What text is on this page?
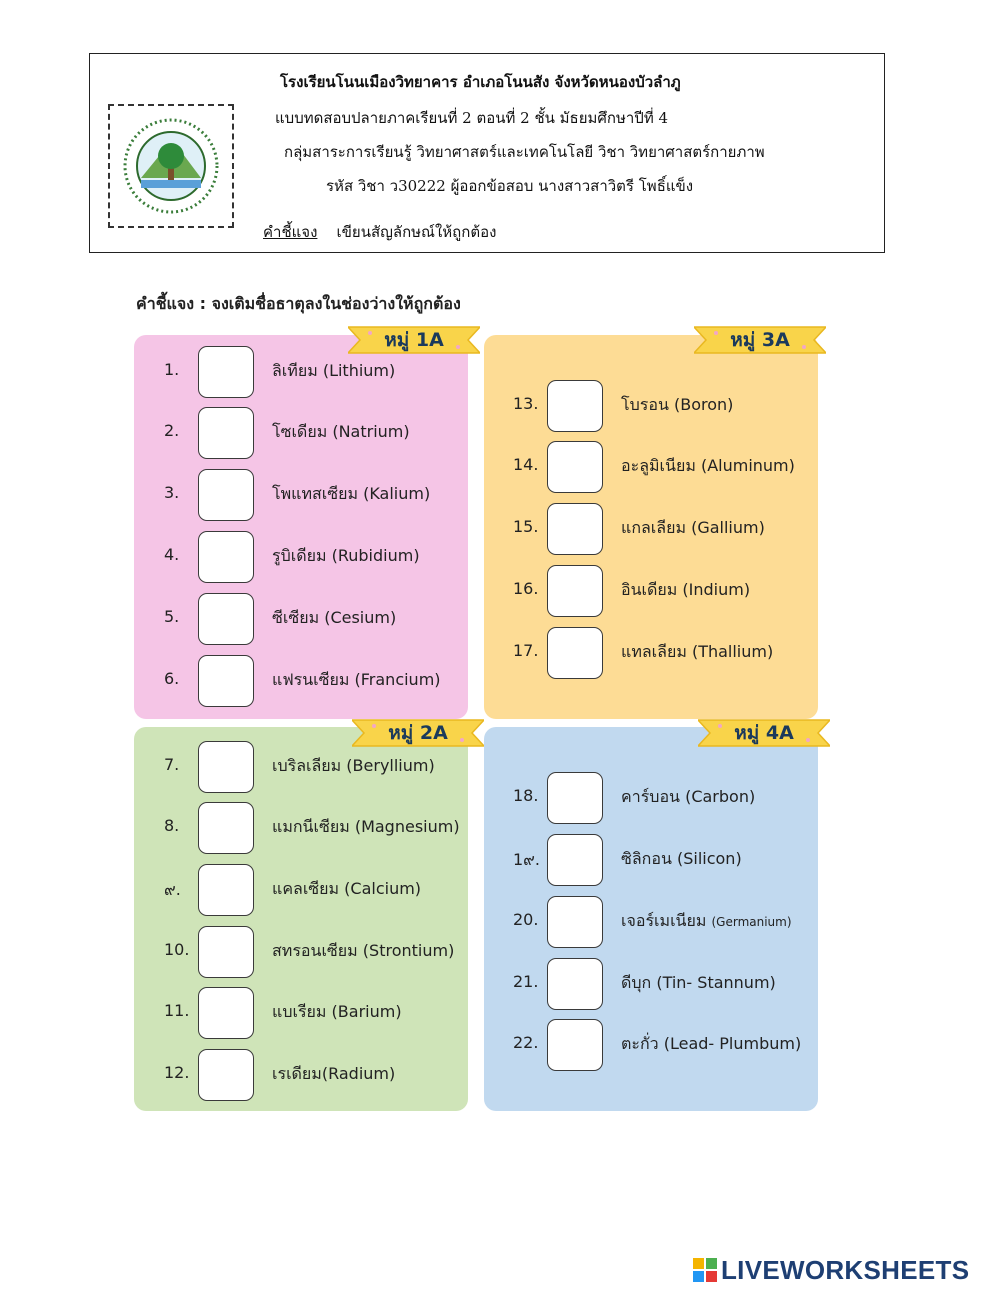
โรงเรียนโนนเมืองวิทยาคาร อำเภอโนนสัง จังหวัดหนองบัวลำภู
แบบทดสอบปลายภาคเรียนที่ 2 ตอนที่ 2 ชั้น มัธยมศึกษาปีที่ 4
กลุ่มสาระการเรียนรู้ วิทยาศาสตร์และเทคโนโลยี วิชา วิทยาศาสตร์กายภาพ
รหัส วิชา ว30222 ผู้ออกข้อสอบ นางสาวสาวิตรี โพธิ์แข็ง
คำชี้แจง เขียนสัญลักษณ์ให้ถูกต้อง
คำชี้แจง : จงเติมชื่อธาตุลงในช่องว่างให้ถูกต้อง
หมู่ 1A	หมู่ 3A
หมู่ 2A	หมู่ 4A
1.	ลิเทียม (Lithium)
2.	โซเดียม (Natrium)
3.	โพแทสเซียม (Kalium)
4.	รูบิเดียม (Rubidium)
5.	ซีเซียม (Cesium)
6.	แฟรนเซียม (Francium)
13.	โบรอน (Boron)
14.	อะลูมิเนียม (Aluminum)
15.	แกลเลียม (Gallium)
16.	อินเดียม (Indium)
17.	แทลเลียม (Thallium)
7.	เบริลเลียม (Beryllium)
8.	แมกนีเซียม (Magnesium)
๙.	แคลเซียม (Calcium)
10.	สทรอนเซียม (Strontium)
11.	แบเรียม (Barium)
12.	เรเดียม(Radium)
18.	คาร์บอน (Carbon)
1๙.	ซิลิกอน (Silicon)
20.	เจอร์เมเนียม (Germanium)
21.	ดีบุก (Tin- Stannum)
22.	ตะกั่ว (Lead- Plumbum)
LIVEWORKSHEETS
